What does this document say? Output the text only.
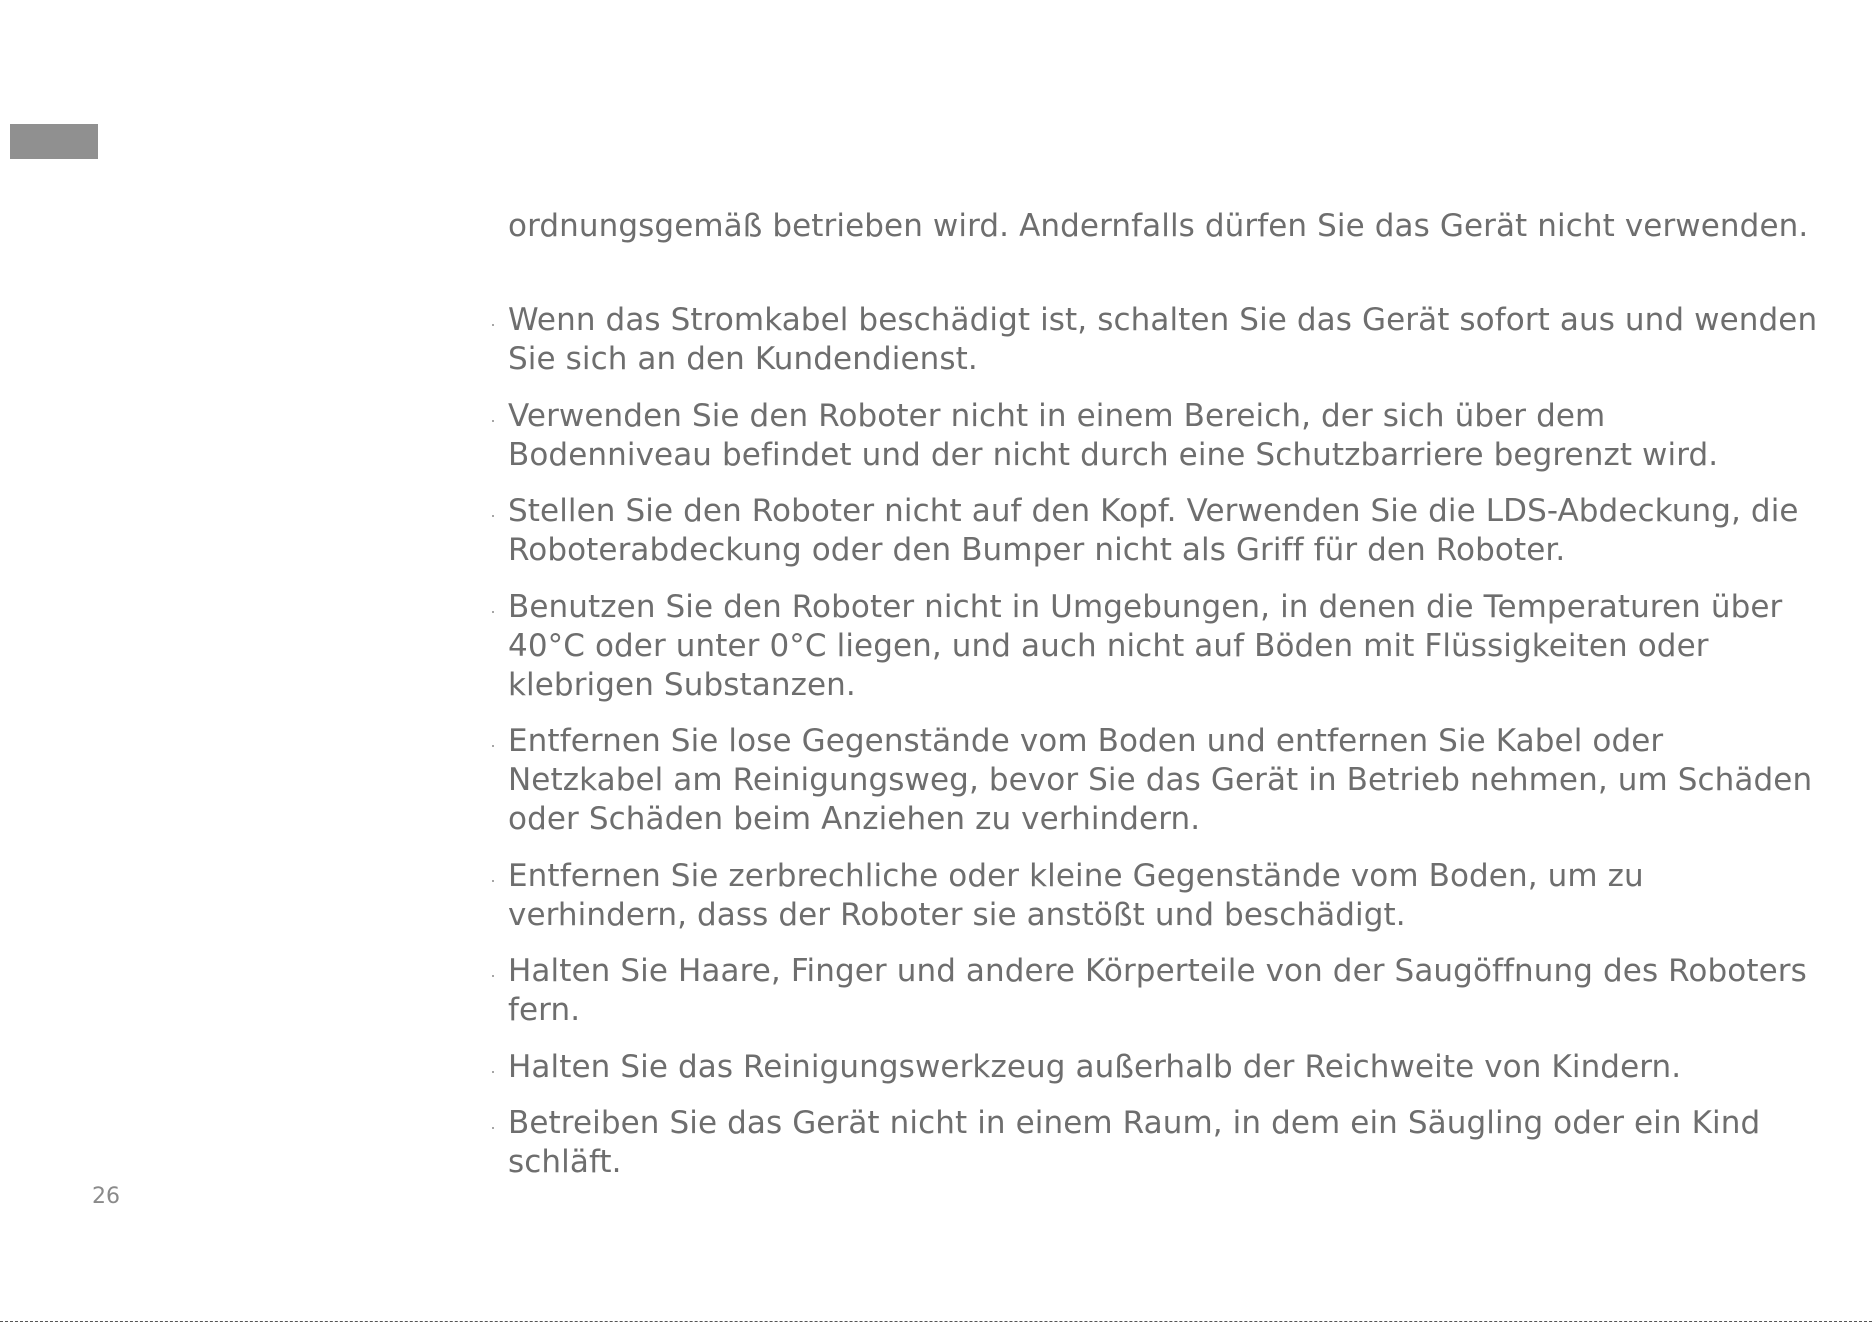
ordnungsgemäß betrieben wird. Andernfalls dürfen Sie das Gerät nicht verwenden.

Wenn das Stromkabel beschädigt ist, schalten Sie das Gerät sofort aus und wenden Sie sich an den Kundendienst.
Verwenden Sie den Roboter nicht in einem Bereich, der sich über dem Bodenniveau befindet und der nicht durch eine Schutzbarriere begrenzt wird.
Stellen Sie den Roboter nicht auf den Kopf. Verwenden Sie die LDS-Abdeckung, die Roboterabdeckung oder den Bumper nicht als Griff für den Roboter.
Benutzen Sie den Roboter nicht in Umgebungen, in denen die Temperaturen über 40°C oder unter 0°C liegen, und auch nicht auf Böden mit Flüssigkeiten oder klebrigen Substanzen.
Entfernen Sie lose Gegenstände vom Boden und entfernen Sie Kabel oder Netzkabel am Reinigungsweg, bevor Sie das Gerät in Betrieb nehmen, um Schäden oder Schäden beim Anziehen zu verhindern.
Entfernen Sie zerbrechliche oder kleine Gegenstände vom Boden, um zu verhindern, dass der Roboter sie anstößt und beschädigt.
Halten Sie Haare, Finger und andere Körperteile von der Saugöffnung des Roboters fern.
Halten Sie das Reinigungswerkzeug außerhalb der Reichweite von Kindern.
Betreiben Sie das Gerät nicht in einem Raum, in dem ein Säugling oder ein Kind schläft.
26
